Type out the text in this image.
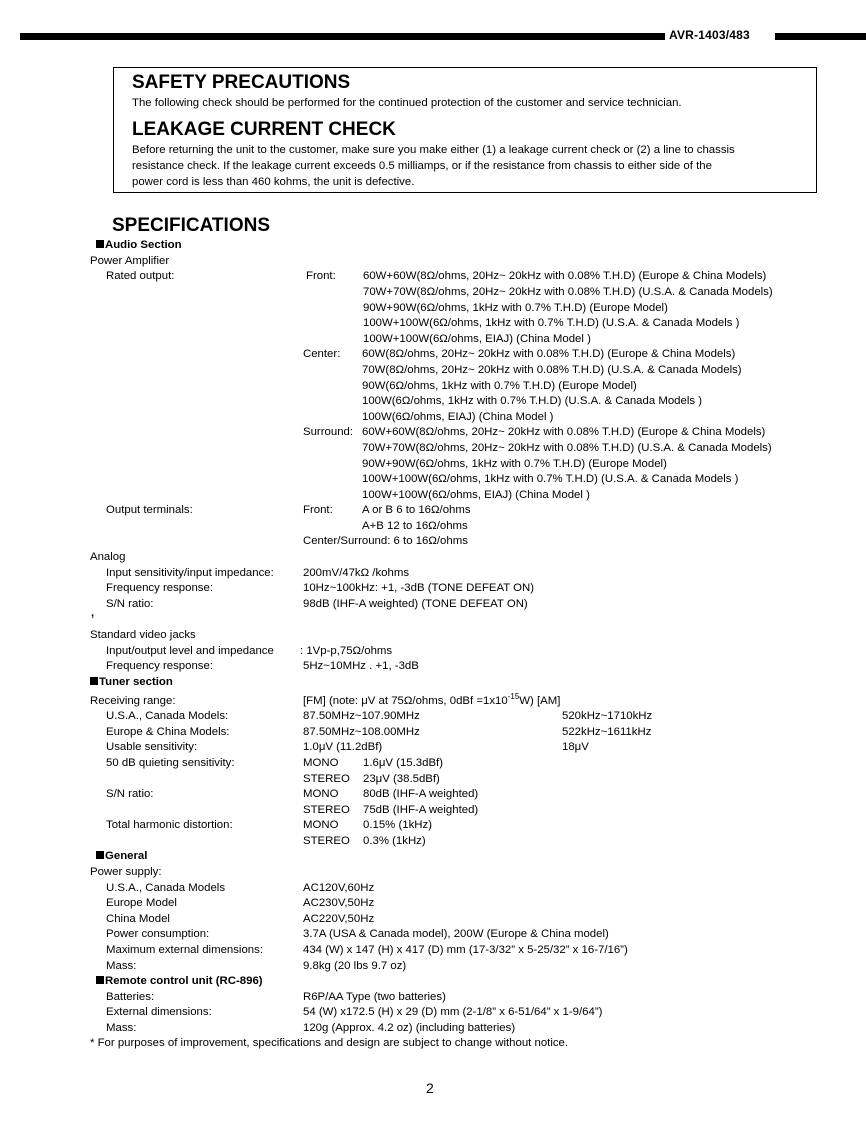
AVR-1403/483
SAFETY PRECAUTIONS

The following check should be performed for the continued protection of the customer and service technician.

LEAKAGE CURRENT CHECK

Before returning the unit to the customer, make sure you make either (1) a leakage current check or (2) a line to chassis

resistance check. If the leakage current exceeds 0.5 milliamps, or if the resistance from chassis to either side of the

power cord is less than 460 kohms, the unit is defective.

SPECIFICATIONS
Audio Section
Power Amplifier
Rated output:	Front: 60W+60W(8Ω/ohms, 20Hz~ 20kHz with 0.08% T.H.D) (Europe & China Models)
70W+70W(8Ω/ohms, 20Hz~ 20kHz with 0.08% T.H.D) (U.S.A. & Canada Models)
90W+90W(6Ω/ohms, 1kHz with 0.7% T.H.D) (Europe Model)
100W+100W(6Ω/ohms, 1kHz with 0.7% T.H.D) (U.S.A. & Canada Models )
100W+100W(6Ω/ohms, EIAJ) (China Model )
Center: 60W(8Ω/ohms, 20Hz~ 20kHz with 0.08% T.H.D) (Europe & China Models)
70W(8Ω/ohms, 20Hz~ 20kHz with 0.08% T.H.D) (U.S.A. & Canada Models)
90W(6Ω/ohms, 1kHz with 0.7% T.H.D) (Europe Model)
100W(6Ω/ohms, 1kHz with 0.7% T.H.D) (U.S.A. & Canada Models )
100W(6Ω/ohms, EIAJ) (China Model )
Surround: 60W+60W(8Ω/ohms, 20Hz~ 20kHz with 0.08% T.H.D) (Europe & China Models)
70W+70W(8Ω/ohms, 20Hz~ 20kHz with 0.08% T.H.D) (U.S.A. & Canada Models)
90W+90W(6Ω/ohms, 1kHz with 0.7% T.H.D) (Europe Model)
100W+100W(6Ω/ohms, 1kHz with 0.7% T.H.D) (U.S.A. & Canada Models )
100W+100W(6Ω/ohms, EIAJ) (China Model )
Output terminals:	Front:	A or B 6 to 16Ω/ohms
A+B 12 to 16Ω/ohms
Center/Surround: 6 to 16Ω/ohms
Analog
Input sensitivity/input impedance:	200mV/47kΩ /kohms
Frequency response:	10Hz~100kHz: +1, -3dB (TONE DEFEAT ON)
S/N ratio:	98dB (IHF-A weighted) (TONE DEFEAT ON)
,
Standard video jacks
Input/output level and impedance : 1Vp-p,75Ω/ohms
Frequency response:	5Hz~10MHz . +1, -3dB
Tuner section
Receiving range:	[FM] (note: μV at 75Ω/ohms, $0dBf =1x10^{-15}W$) [AM]
U.S.A., Canada Models:	87.50MHz~107.90MHz	520kHz~1710kHz
Europe & China Models:	87.50MHz~108.00MHz	522kHz~1611kHz
Usable sensitivity:	1.0μV (11.2dBf)	18μV
50 dB quieting sensitivity:	MONO 1.6μV (15.3dBf)
STEREO 23μV (38.5dBf)
S/N ratio:	MONO 80dB (IHF-A weighted)
STEREO 75dB (IHF-A weighted)
Total harmonic distortion:	MONO 0.15% (1kHz)
STEREO 0.3% (1kHz)
General
Power supply:
U.S.A., Canada Models	AC120V,60Hz
Europe Model	AC230V,50Hz
China Model	AC220V,50Hz
Power consumption:	3.7A (USA & Canada model), 200W (Europe & China model)
Maximum external dimensions:	434 (W) x 147 (H) x 417 (D) mm (17-3/32” x 5-25/32” x 16-7/16”)
Mass:	9.8kg (20 lbs 9.7 oz)
Remote control unit (RC-896)
Batteries:	R6P/AA Type (two batteries)
External dimensions:	54 (W) x172.5 (H) x 29 (D) mm (2-1/8” x 6-51/64” x 1-9/64”)
Mass:	120g (Approx. 4.2 oz) (including batteries)
* For purposes of improvement, specifications and design are subject to change without notice.
2
